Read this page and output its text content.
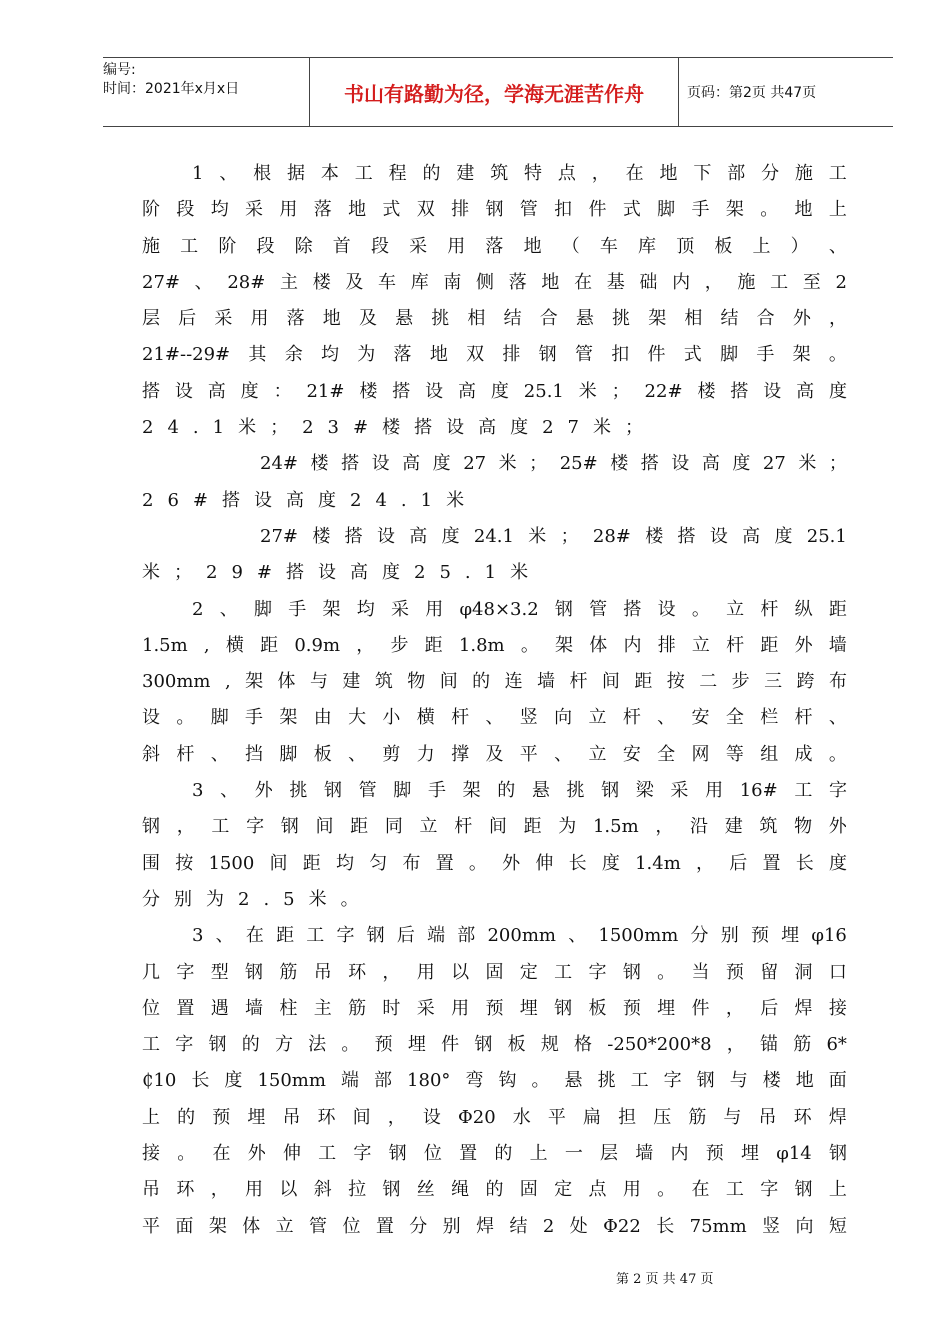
编号:
时间：2021年x月x日	书山有路勤为径，学海无涯苦作舟	页码：第2页 共47页
1 、 根 据 本 工 程 的 建 筑 特 点 ， 在 地 下 部 分 施 工
阶 段 均 采 用 落 地 式 双 排 钢 管 扣 件 式 脚 手 架 。 地 上
施 工 阶 段 除 首 段 采 用 落 地 （ 车 库 顶 板 上 ） 、
27# 、 28# 主 楼 及 车 库 南 侧 落 地 在 基 础 内 ， 施 工 至 2
层 后 采 用 落 地 及 悬 挑 相 结 合 悬 挑 架 相 结 合 外 ，
21#--29# 其 余 均 为 落 地 双 排 钢 管 扣 件 式 脚 手 架 。
搭 设 高 度 ： 21# 楼 搭 设 高 度 25.1 米 ； 22# 楼 搭 设 高 度
24.1米；23#楼搭设高度27米；
24# 楼 搭 设 高 度 27 米 ； 25# 楼 搭 设 高 度 27 米 ；
26#搭设高度24.1米
27# 楼 搭 设 高 度 24.1 米 ； 28# 楼 搭 设 高 度 25.1
米；29#搭设高度25.1米
2 、 脚 手 架 均 采 用 φ48×3.2 钢 管 搭 设 。 立 杆 纵 距
1.5m , 横 距 0.9m ， 步 距 1.8m 。 架 体 内 排 立 杆 距 外 墙
300mm , 架 体 与 建 筑 物 间 的 连 墙 杆 间 距 按 二 步 三 跨 布
设 。 脚 手 架 由 大 小 横 杆 、 竖 向 立 杆 、 安 全 栏 杆 、
斜 杆 、 挡 脚 板 、 剪 力 撑 及 平 、 立 安 全 网 等 组 成 。
3 、 外 挑 钢 管 脚 手 架 的 悬 挑 钢 梁 采 用 16# 工 字
钢 ， 工 字 钢 间 距 同 立 杆 间 距 为 1.5m ， 沿 建 筑 物 外
围 按 1500 间 距 均 匀 布 置 。 外 伸 长 度 1.4m ， 后 置 长 度
分别为2.5米。
3 、 在 距 工 字 钢 后 端 部 200mm 、 1500mm 分 别 预 埋 φ16
几 字 型 钢 筋 吊 环 ， 用 以 固 定 工 字 钢 。 当 预 留 洞 口
位 置 遇 墙 柱 主 筋 时 采 用 预 埋 钢 板 预 埋 件 ， 后 焊 接
工 字 钢 的 方 法 。 预 埋 件 钢 板 规 格 -250*200*8 ， 锚 筋 6*
₵10 长 度 150mm 端 部 180° 弯 钩 。 悬 挑 工 字 钢 与 楼 地 面
上 的 预 埋 吊 环 间 ， 设 Φ20 水 平 扁 担 压 筋 与 吊 环 焊
接 。 在 外 伸 工 字 钢 位 置 的 上 一 层 墙 内 预 埋 φ14 钢
吊 环 ， 用 以 斜 拉 钢 丝 绳 的 固 定 点 用 。 在 工 字 钢 上
平 面 架 体 立 管 位 置 分 别 焊 结 2 处 Φ22 长 75mm 竖 向 短
第 2 页 共 47 页
